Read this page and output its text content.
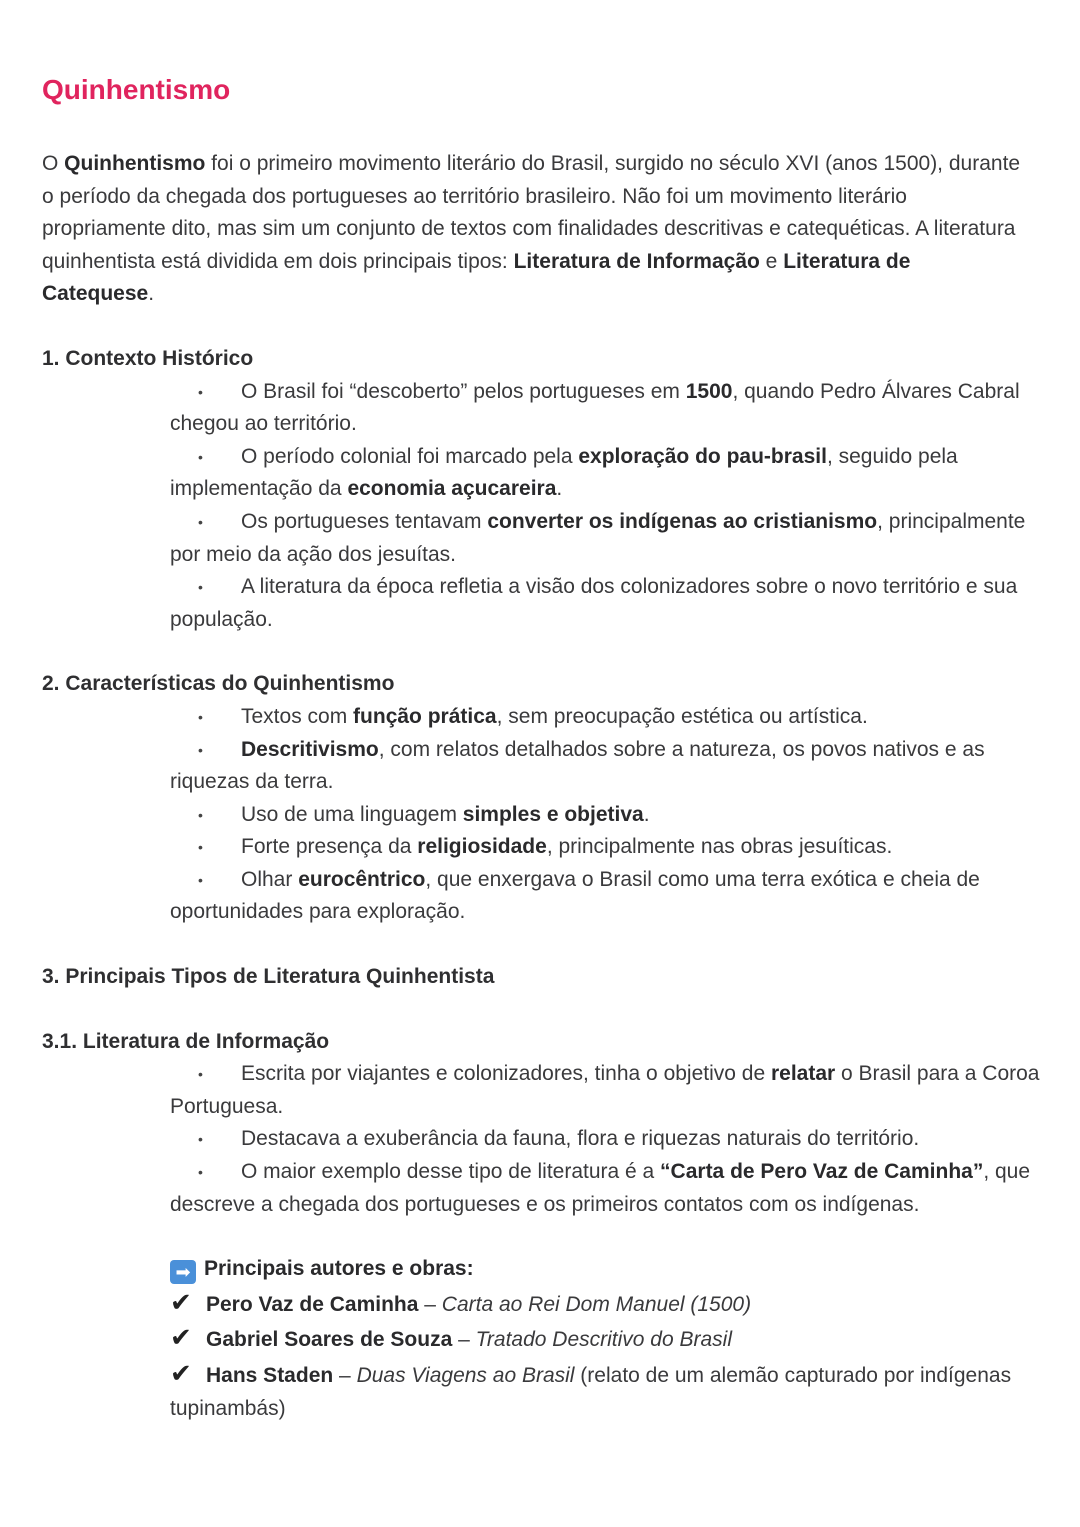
Quinhentismo
O Quinhentismo foi o primeiro movimento literário do Brasil, surgido no século XVI (anos 1500), durante o período da chegada dos portugueses ao território brasileiro. Não foi um movimento literário propriamente dito, mas sim um conjunto de textos com finalidades descritivas e catequéticas. A literatura quinhentista está dividida em dois principais tipos: Literatura de Informação e Literatura de Catequese.
1. Contexto Histórico
• O Brasil foi “descoberto” pelos portugueses em 1500, quando Pedro Álvares Cabral chegou ao território.
• O período colonial foi marcado pela exploração do pau-brasil, seguido pela implementação da economia açucareira.
• Os portugueses tentavam converter os indígenas ao cristianismo, principalmente por meio da ação dos jesuítas.
• A literatura da época refletia a visão dos colonizadores sobre o novo território e sua população.
2. Características do Quinhentismo
• Textos com função prática, sem preocupação estética ou artística.
• Descritivismo, com relatos detalhados sobre a natureza, os povos nativos e as riquezas da terra.
• Uso de uma linguagem simples e objetiva.
• Forte presença da religiosidade, principalmente nas obras jesuíticas.
• Olhar eurocêntrico, que enxergava o Brasil como uma terra exótica e cheia de oportunidades para exploração.
3. Principais Tipos de Literatura Quinhentista
3.1. Literatura de Informação
• Escrita por viajantes e colonizadores, tinha o objetivo de relatar o Brasil para a Coroa Portuguesa.
• Destacava a exuberância da fauna, flora e riquezas naturais do território.
• O maior exemplo desse tipo de literatura é a “Carta de Pero Vaz de Caminha”, que descreve a chegada dos portugueses e os primeiros contatos com os indígenas.
➡ Principais autores e obras:
✔ Pero Vaz de Caminha – Carta ao Rei Dom Manuel (1500)
✔ Gabriel Soares de Souza – Tratado Descritivo do Brasil
✔ Hans Staden – Duas Viagens ao Brasil (relato de um alemão capturado por indígenas tupinambás)
